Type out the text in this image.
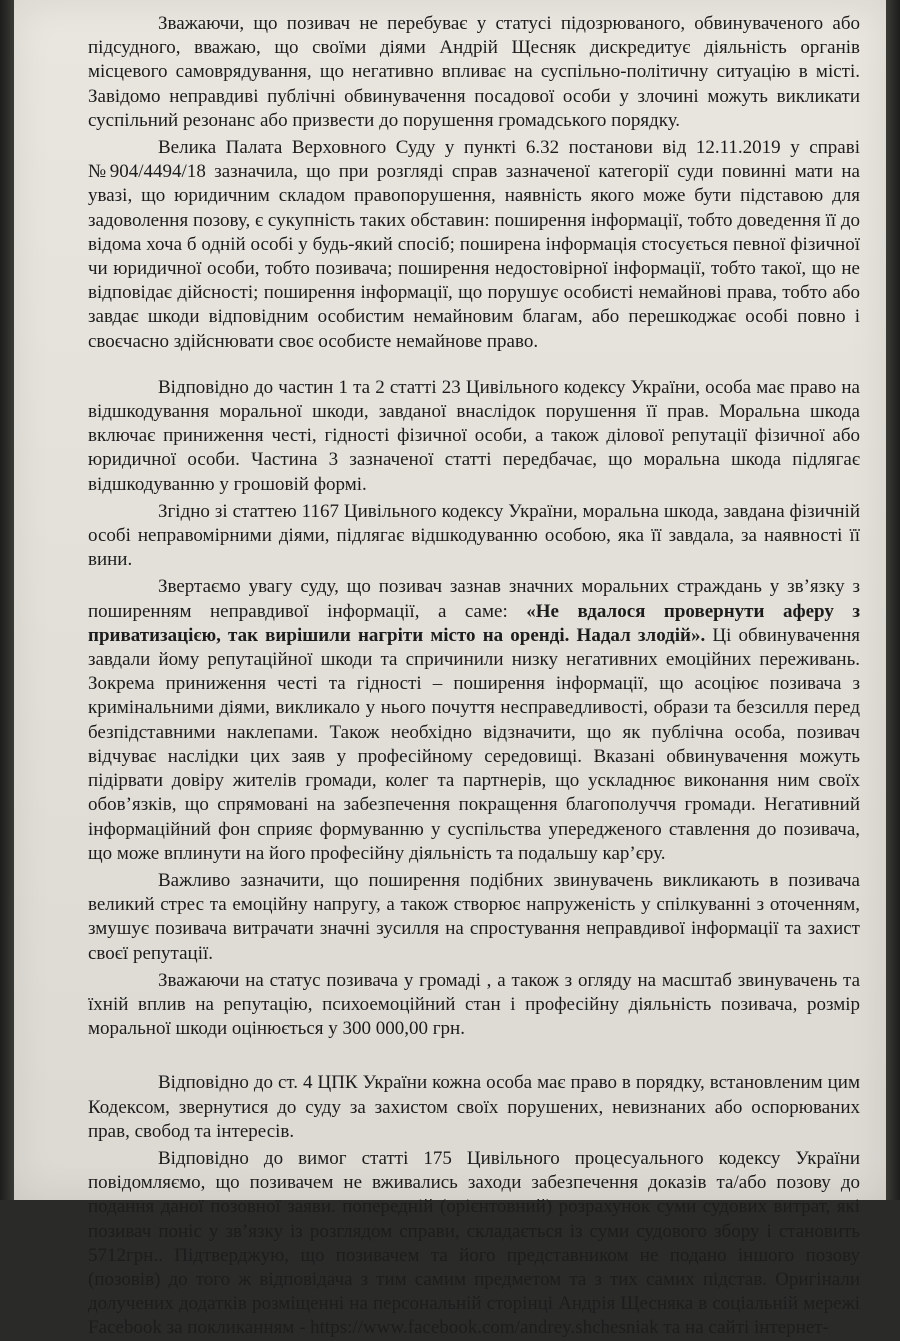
Зважаючи, що позивач не перебуває у статусі підозрюваного, обвинуваченого або підсудного, вважаю, що своїми діями Андрій Щесняк дискредитує діяльність органів місцевого самоврядування, що негативно впливає на суспільно-політичну ситуацію в місті. Завідомо неправдиві публічні обвинувачення посадової особи у злочині можуть викликати суспільний резонанс або призвести до порушення громадського порядку.

Велика Палата Верховного Суду у пункті 6.32 постанови від 12.11.2019 у справі №904/4494/18 зазначила, що при розгляді справ зазначеної категорії суди повинні мати на увазі, що юридичним складом правопорушення, наявність якого може бути підставою для задоволення позову, є сукупність таких обставин: поширення інформації, тобто доведення її до відома хоча б одній особі у будь-який спосіб; поширена інформація стосується певної фізичної чи юридичної особи, тобто позивача; поширення недостовірної інформації, тобто такої, що не відповідає дійсності; поширення інформації, що порушує особисті немайнові права, тобто або завдає шкоди відповідним особистим немайновим благам, або перешкоджає особі повно і своєчасно здійснювати своє особисте немайнове право.

Відповідно до частин 1 та 2 статті 23 Цивільного кодексу України, особа має право на відшкодування моральної шкоди, завданої внаслідок порушення її прав. Моральна шкода включає приниження честі, гідності фізичної особи, а також ділової репутації фізичної або юридичної особи. Частина 3 зазначеної статті передбачає, що моральна шкода підлягає відшкодуванню у грошовій формі.

Згідно зі статтею 1167 Цивільного кодексу України, моральна шкода, завдана фізичній особі неправомірними діями, підлягає відшкодуванню особою, яка її завдала, за наявності її вини.

Звертаємо увагу суду, що позивач зазнав значних моральних страждань у зв’язку з поширенням неправдивої інформації, а саме: «Не вдалося провернути аферу з приватизацією, так вирішили нагріти місто на оренді. Надал злодій». Ці обвинувачення завдали йому репутаційної шкоди та спричинили низку негативних емоційних переживань. Зокрема приниження честі та гідності – поширення інформації, що асоціює позивача з кримінальними діями, викликало у нього почуття несправедливості, образи та безсилля перед безпідставними наклепами. Також необхідно відзначити, що як публічна особа, позивач відчуває наслідки цих заяв у професійному середовищі. Вказані обвинувачення можуть підірвати довіру жителів громади, колег та партнерів, що ускладнює виконання ним своїх обов’язків, що спрямовані на забезпечення покращення благополуччя громади. Негативний інформаційний фон сприяє формуванню у суспільства упередженого ставлення до позивача, що може вплинути на його професійну діяльність та подальшу кар’єру.

Важливо зазначити, що поширення подібних звинувачень викликають в позивача великий стрес та емоційну напругу, а також створює напруженість у спілкуванні з оточенням, змушує позивача витрачати значні зусилля на спростування неправдивої інформації та захист своєї репутації.

Зважаючи на статус позивача у громаді , а також з огляду на масштаб звинувачень та їхній вплив на репутацію, психоемоційний стан і професійну діяльність позивача, розмір моральної шкоди оцінюється у 300 000,00 грн.

Відповідно до ст. 4 ЦПК України кожна особа має право в порядку, встановленим цим Кодексом, звернутися до суду за захистом своїх порушених, невизнаних або оспорюваних прав, свобод та інтересів.

Відповідно до вимог статті 175 Цивільного процесуального кодексу України повідомляємо, що позивачем не вживались заходи забезпечення доказів та/або позову до подання даної позовної заяви. попередній (орієнтовний) розрахунок суми судових витрат, які позивач поніс у зв’язку із розглядом справи, складається із суми судового збору і становить 5712грн.. Підтверджую, що позивачем та його представником не подано іншого позову (позовів) до того ж відповідача з тим самим предметом та з тих самих підстав. Оригінали долучених додатків розміщенні на персональній сторінці Андрія Щесняка в соціальній мережі Facebook за покликанням - https://www.facebook.com/andrey.shchesniak та на сайті інтернет-
